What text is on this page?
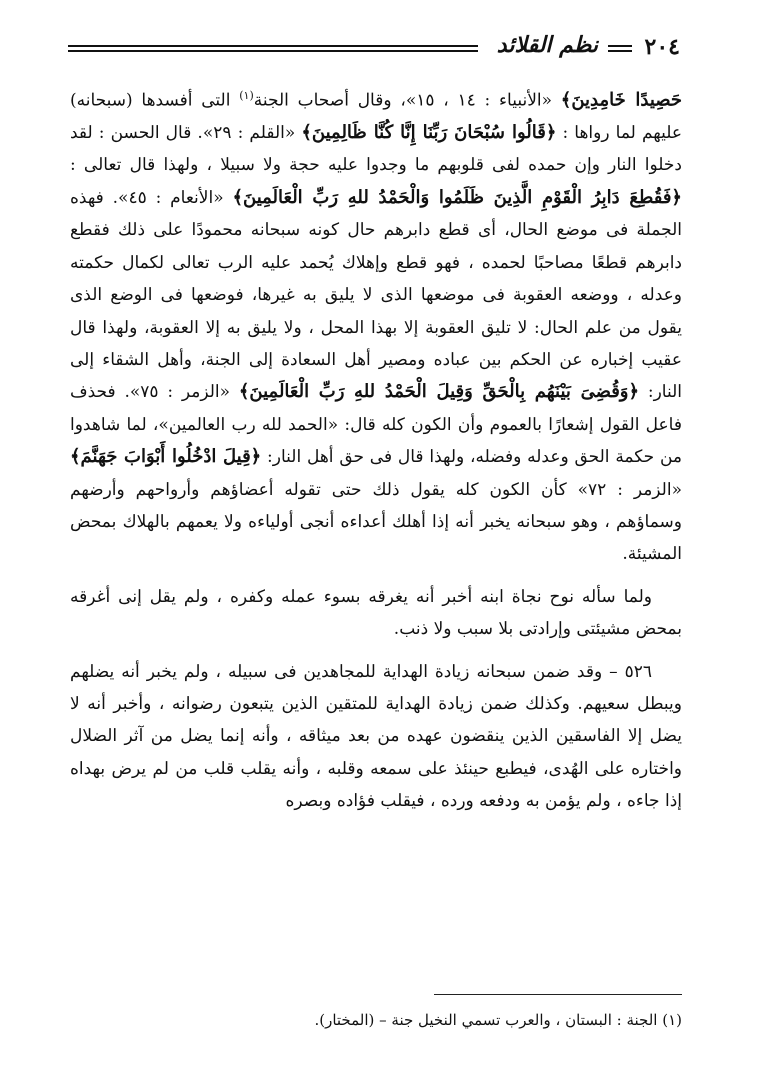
٢٠٤
نظم القلائد

حَصِيدًا خَامِدِينَ﴾ «الأنبياء : ١٤ ، ١٥»، وقال أصحاب الجنة$^{(١)}$ التى أفسدها (سبحانه) عليهم لما رواها : ﴿قَالُوا سُبْحَانَ رَبِّنَا إِنَّا كُنَّا ظَالِمِينَ﴾ «القلم : ٢٩». قال الحسن : لقد دخلوا النار وإن حمده لفى قلوبهم ما وجدوا عليه حجة ولا سبيلا ، ولهذا قال تعالى : ﴿فَقُطِعَ دَابِرُ الْقَوْمِ الَّذِينَ ظَلَمُوا وَالْحَمْدُ للهِ رَبِّ الْعَالَمِينَ﴾ «الأنعام : ٤٥». فهذه الجملة فى موضع الحال، أى قطع دابرهم حال كونه سبحانه محمودًا على ذلك فقطع دابرهم قطعًا مصاحبًا لحمده ، فهو قطع وإهلاك يُحمد عليه الرب تعالى لكمال حكمته وعدله ، ووضعه العقوبة فى موضعها الذى لا يليق به غيرها، فوضعها فى الوضع الذى يقول من علم الحال: لا تليق العقوبة إلا بهذا المحل ، ولا يليق به إلا العقوبة، ولهذا قال عقيب إخباره عن الحكم بين عباده ومصير أهل السعادة إلى الجنة، وأهل الشقاء إلى النار: ﴿وَقُضِىَ بَيْنَهُم بِالْحَقِّ وَقِيلَ الْحَمْدُ للهِ رَبِّ الْعَالَمِينَ﴾ «الزمر : ٧٥». فحذف فاعل القول إشعارًا بالعموم وأن الكون كله قال: «الحمد لله رب العالمين»، لما شاهدوا من حكمة الحق وعدله وفضله، ولهذا قال فى حق أهل النار: ﴿قِيلَ ادْخُلُوا أَبْوَابَ جَهَنَّمَ﴾ «الزمر : ٧٢» كأن الكون كله يقول ذلك حتى تقوله أعضاؤهم وأرواحهم وأرضهم وسماؤهم ، وهو سبحانه يخبر أنه إذا أهلك أعداءه أنجى أولياءه ولا يعمهم بالهلاك بمحض المشيئة.

ولما سأله نوح نجاة ابنه أخبر أنه يغرقه بسوء عمله وكفره ، ولم يقل إنى أغرقه بمحض مشيئتى وإرادتى بلا سبب ولا ذنب.

٥٢٦ – وقد ضمن سبحانه زيادة الهداية للمجاهدين فى سبيله ، ولم يخبر أنه يضلهم ويبطل سعيهم. وكذلك ضمن زيادة الهداية للمتقين الذين يتبعون رضوانه ، وأخبر أنه لا يضل إلا الفاسقين الذين ينقضون عهده من بعد ميثاقه ، وأنه إنما يضل من آثر الضلال واختاره على الهُدى، فيطبع حينئذ على سمعه وقلبه ، وأنه يقلب قلب من لم يرض بهداه إذا جاءه ، ولم يؤمن به ودفعه ورده ، فيقلب فؤاده وبصره

(١) الجنة : البستان ، والعرب تسمي النخيل جنة – (المختار).
